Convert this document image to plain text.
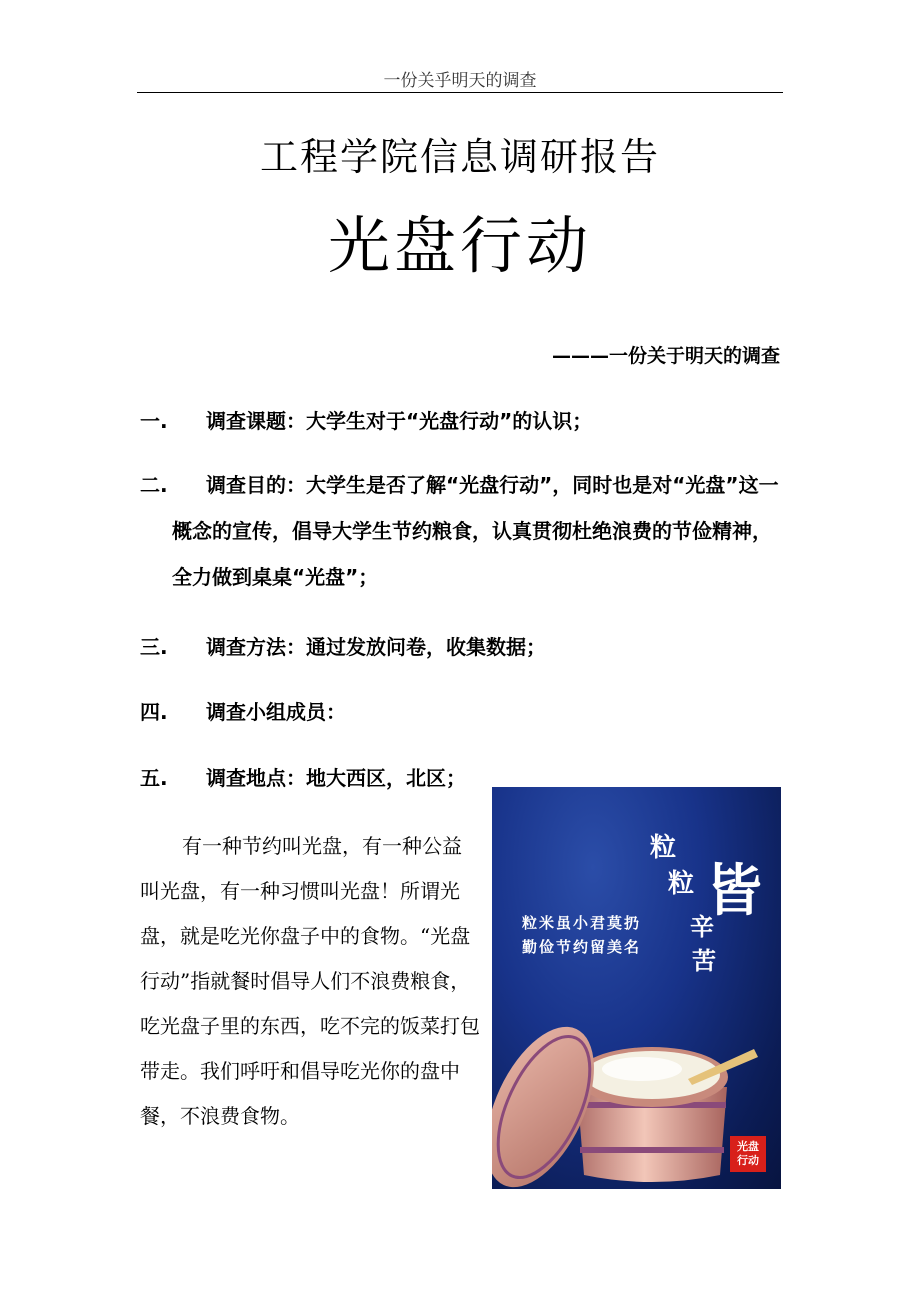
一份关乎明天的调查
工程学院信息调研报告
光盘行动
———一份关于明天的调查
一. 调查课题：大学生对于“光盘行动”的认识；
二.	调查目的：大学生是否了解“光盘行动”，同时也是对“光盘”这一概念的宣传，倡导大学生节约粮食，认真贯彻杜绝浪费的节俭精神，全力做到桌桌“光盘”；
三. 调查方法：通过发放问卷，收集数据；
四. 调查小组成员：
五. 调查地点：地大西区，北区；
有一种节约叫光盘，有一种公益叫光盘，有一种习惯叫光盘！所谓光盘，就是吃光你盘子中的食物。“光盘行动”指就餐时倡导人们不浪费粮食，吃光盘子里的东西，吃不完的饭菜打包带走。我们呼吁和倡导吃光你的盘中餐，不浪费食物。
粒
粒 皆
辛
苦
粒米虽小君莫扔
勤俭节约留美名
光盘
行动
